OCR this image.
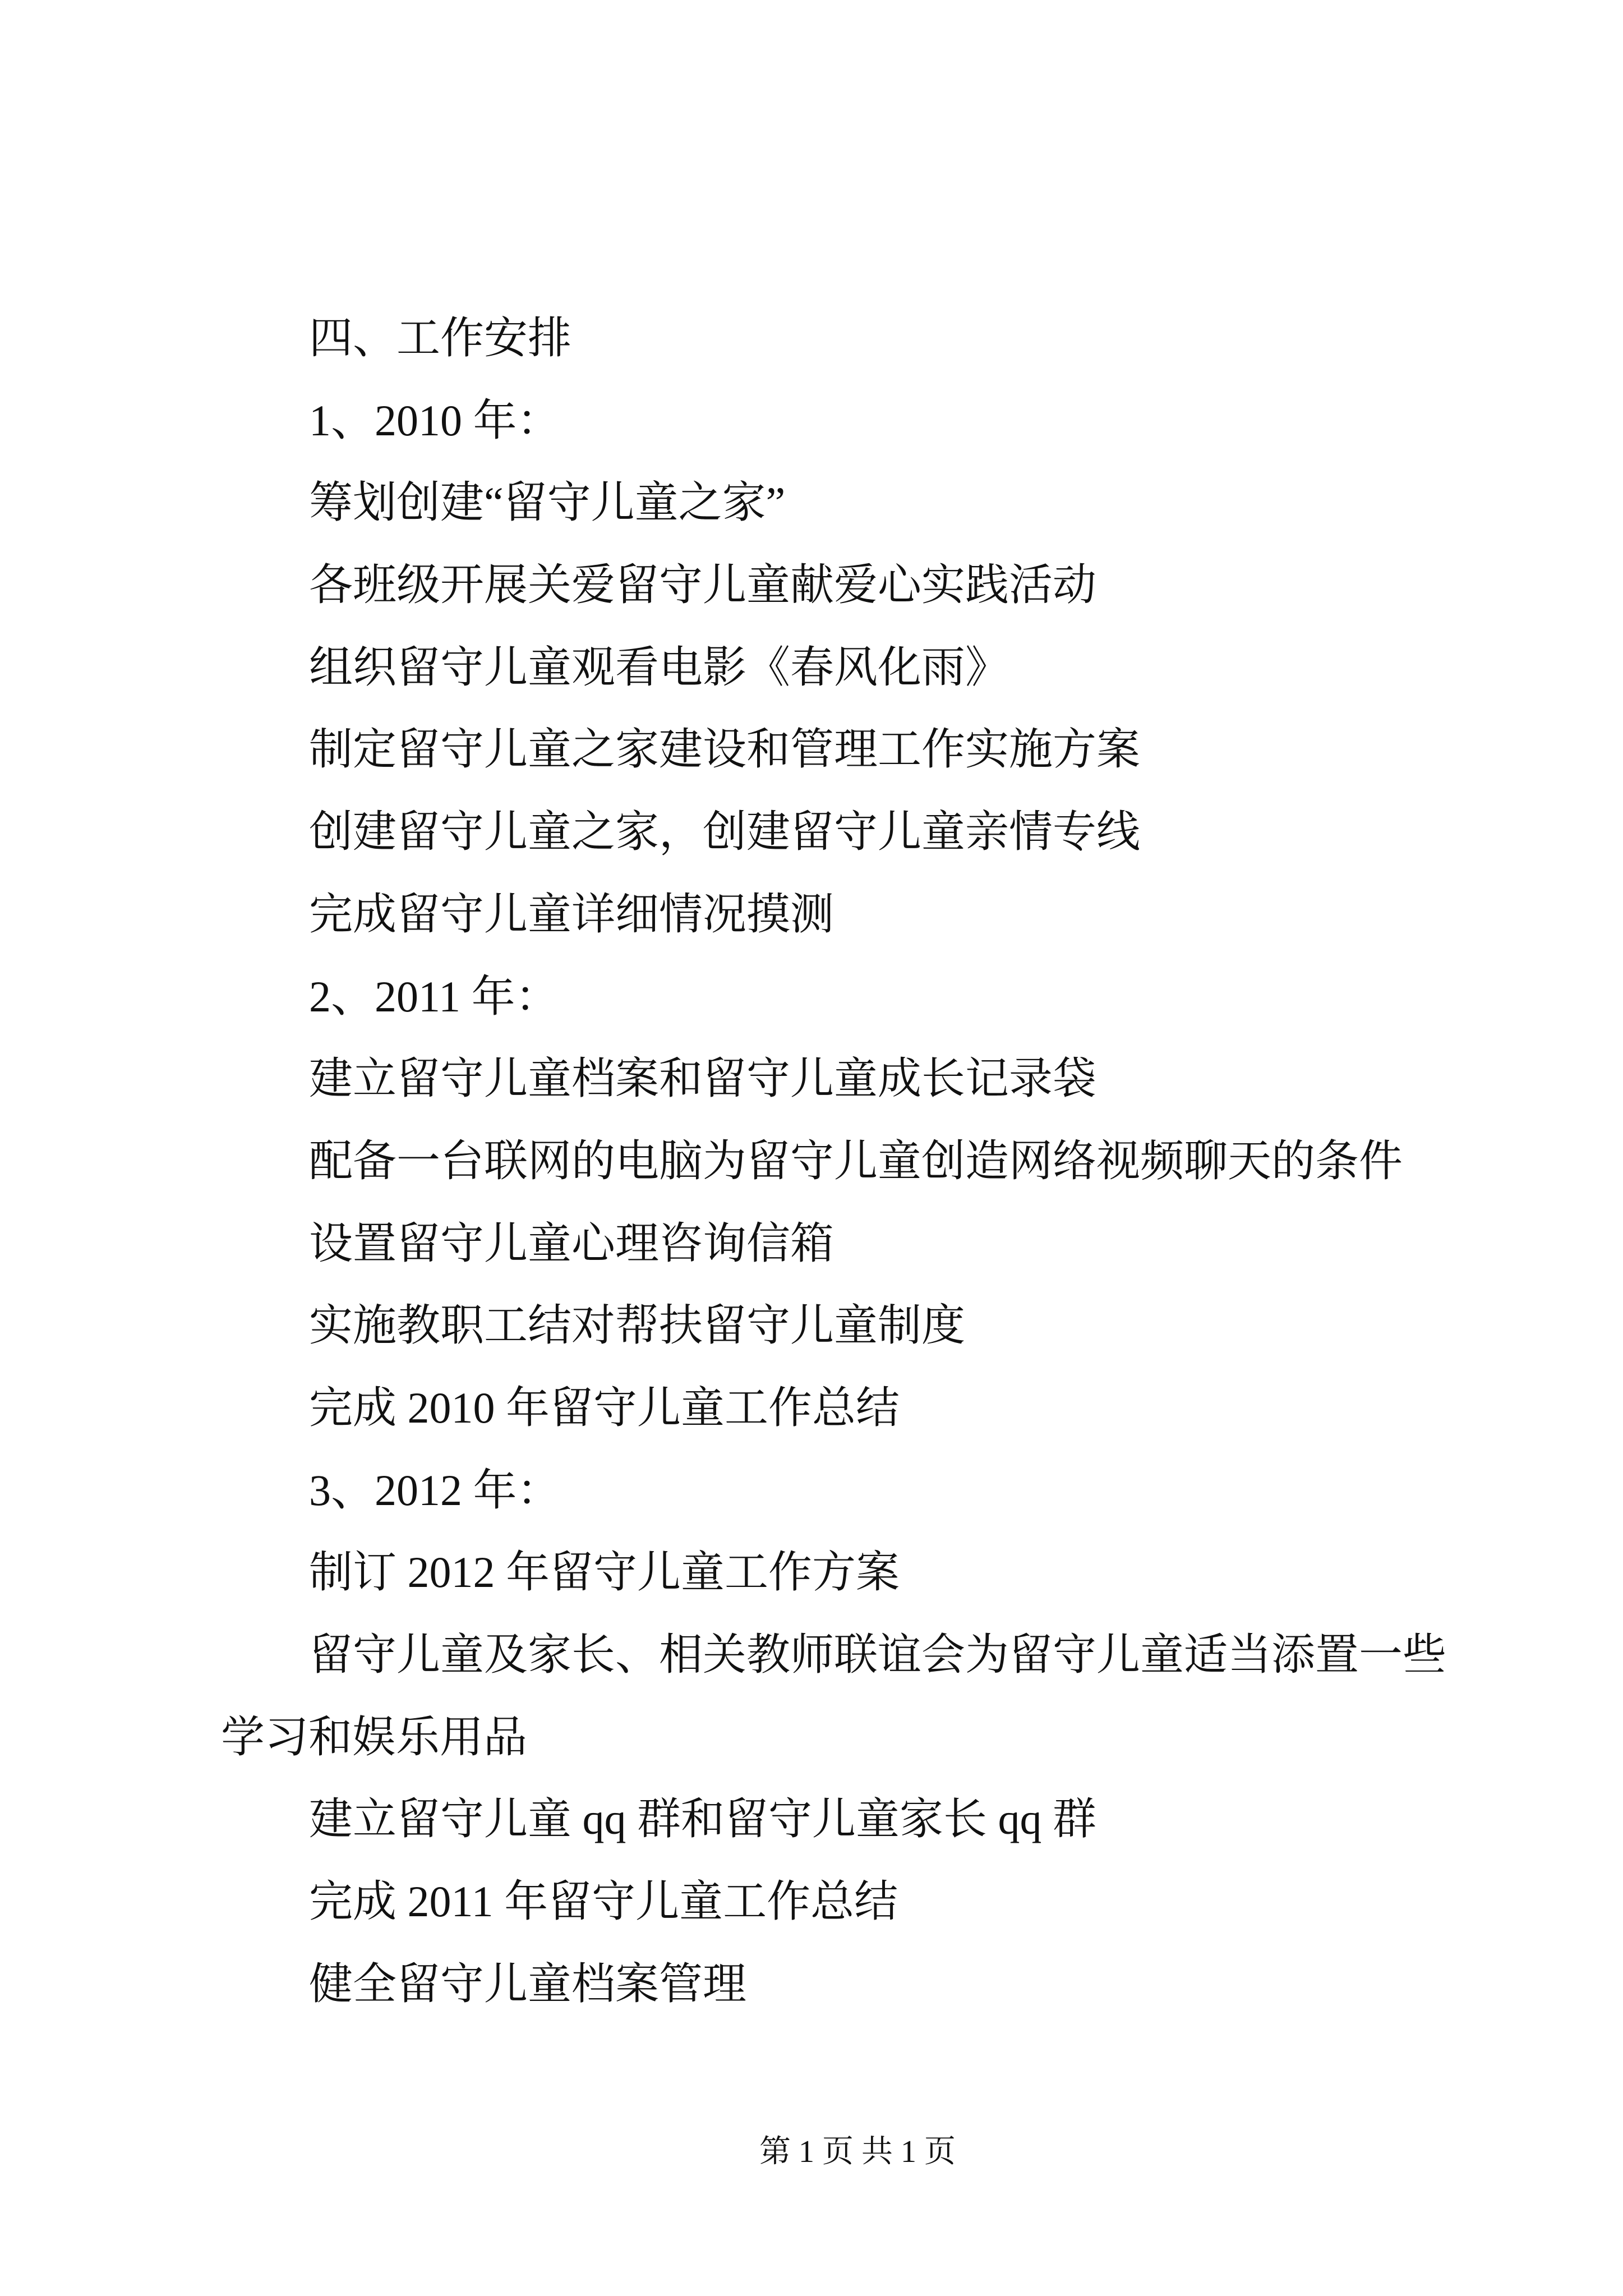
四、工作安排
1、2010 年：
筹划创建“留守儿童之家”
各班级开展关爱留守儿童献爱心实践活动
组织留守儿童观看电影《春风化雨》
制定留守儿童之家建设和管理工作实施方案
创建留守儿童之家，创建留守儿童亲情专线
完成留守儿童详细情况摸测
2、2011 年：
建立留守儿童档案和留守儿童成长记录袋
配备一台联网的电脑为留守儿童创造网络视频聊天的条件
设置留守儿童心理咨询信箱
实施教职工结对帮扶留守儿童制度
完成 2010 年留守儿童工作总结
3、2012 年：
制订 2012 年留守儿童工作方案
留守儿童及家长、相关教师联谊会为留守儿童适当添置一些
学习和娱乐用品
建立留守儿童 qq 群和留守儿童家长 qq 群
完成 2011 年留守儿童工作总结
健全留守儿童档案管理
第 1 页 共 1 页
